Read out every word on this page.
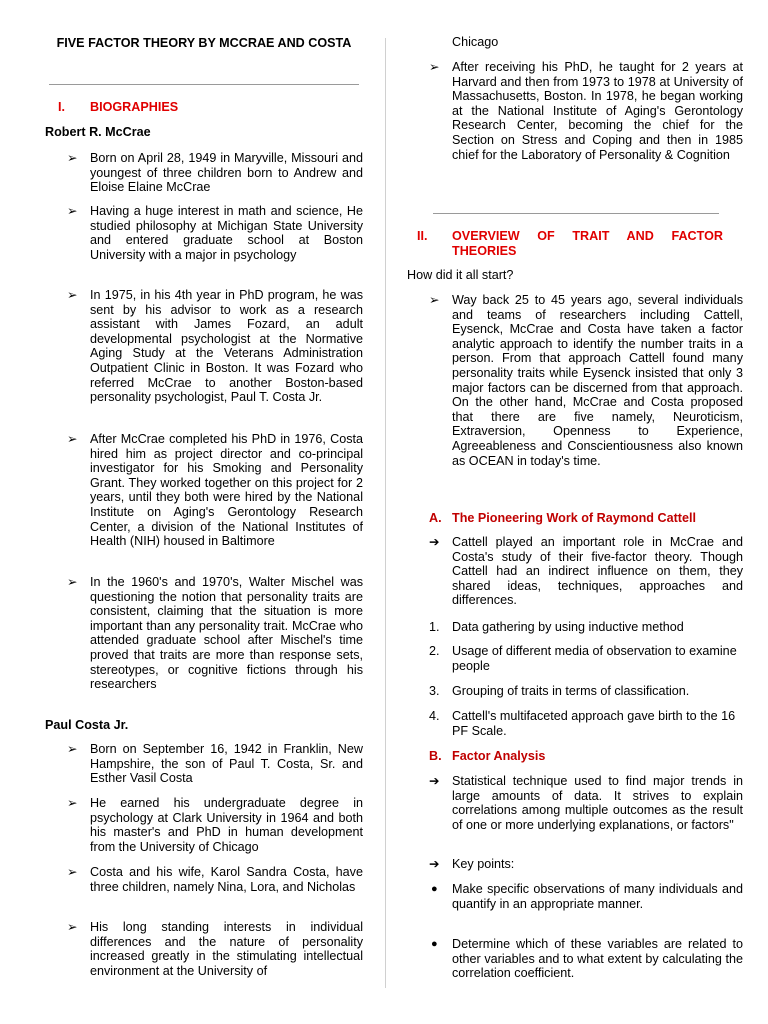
FIVE FACTOR THEORY BY MCCRAE AND COSTA
I. BIOGRAPHIES
Robert R. McCrae
➢ Born on April 28, 1949 in Maryville, Missouri and youngest of three children born to Andrew and Eloise Elaine McCrae
➢ Having a huge interest in math and science, He studied philosophy at Michigan State University and entered graduate school at Boston University with a major in psychology
➢ In 1975, in his 4th year in PhD program, he was sent by his advisor to work as a research assistant with James Fozard, an adult developmental psychologist at the Normative Aging Study at the Veterans Administration Outpatient Clinic in Boston. It was Fozard who referred McCrae to another Boston-based personality psychologist, Paul T. Costa Jr.
➢ After McCrae completed his PhD in 1976, Costa hired him as project director and co-principal investigator for his Smoking and Personality Grant. They worked together on this project for 2 years, until they both were hired by the National Institute on Aging's Gerontology Research Center, a division of the National Institutes of Health (NIH) housed in Baltimore
➢ In the 1960's and 1970's, Walter Mischel was questioning the notion that personality traits are consistent, claiming that the situation is more important than any personality trait. McCrae who attended graduate school after Mischel's time proved that traits are more than response sets, stereotypes, or cognitive fictions through his researchers
Paul Costa Jr.
➢ Born on September 16, 1942 in Franklin, New Hampshire, the son of Paul T. Costa, Sr. and Esther Vasil Costa
➢ He earned his undergraduate degree in psychology at Clark University in 1964 and both his master's and PhD in human development from the University of Chicago
➢ Costa and his wife, Karol Sandra Costa, have three children, namely Nina, Lora, and Nicholas
➢ His long standing interests in individual differences and the nature of personality increased greatly in the stimulating intellectual environment at the University of
Chicago
➢ After receiving his PhD, he taught for 2 years at Harvard and then from 1973 to 1978 at University of Massachusetts, Boston. In 1978, he began working at the National Institute of Aging's Gerontology Research Center, becoming the chief for the Section on Stress and Coping and then in 1985 chief for the Laboratory of Personality & Cognition
II. OVERVIEW OF TRAIT AND FACTOR THEORIES
How did it all start?
➢ Way back 25 to 45 years ago, several individuals and teams of researchers including Cattell, Eysenck, McCrae and Costa have taken a factor analytic approach to identify the number traits in a person. From that approach Cattell found many personality traits while Eysenck insisted that only 3 major factors can be discerned from that approach. On the other hand, McCrae and Costa proposed that there are five namely, Neuroticism, Extraversion, Openness to Experience, Agreeableness and Conscientiousness also known as OCEAN in today's time.
A. The Pioneering Work of Raymond Cattell
➔ Cattell played an important role in McCrae and Costa's study of their five-factor theory. Though Cattell had an indirect influence on them, they shared ideas, techniques, approaches and differences.
1. Data gathering by using inductive method
2. Usage of different media of observation to examine people
3. Grouping of traits in terms of classification.
4. Cattell's multifaceted approach gave birth to the 16 PF Scale.
B. Factor Analysis
➔ Statistical technique used to find major trends in large amounts of data. It strives to explain correlations among multiple outcomes as the result of one or more underlying explanations, or factors"
➔ Key points:
● Make specific observations of many individuals and quantify in an appropriate manner.
● Determine which of these variables are related to other variables and to what extent by calculating the correlation coefficient.
